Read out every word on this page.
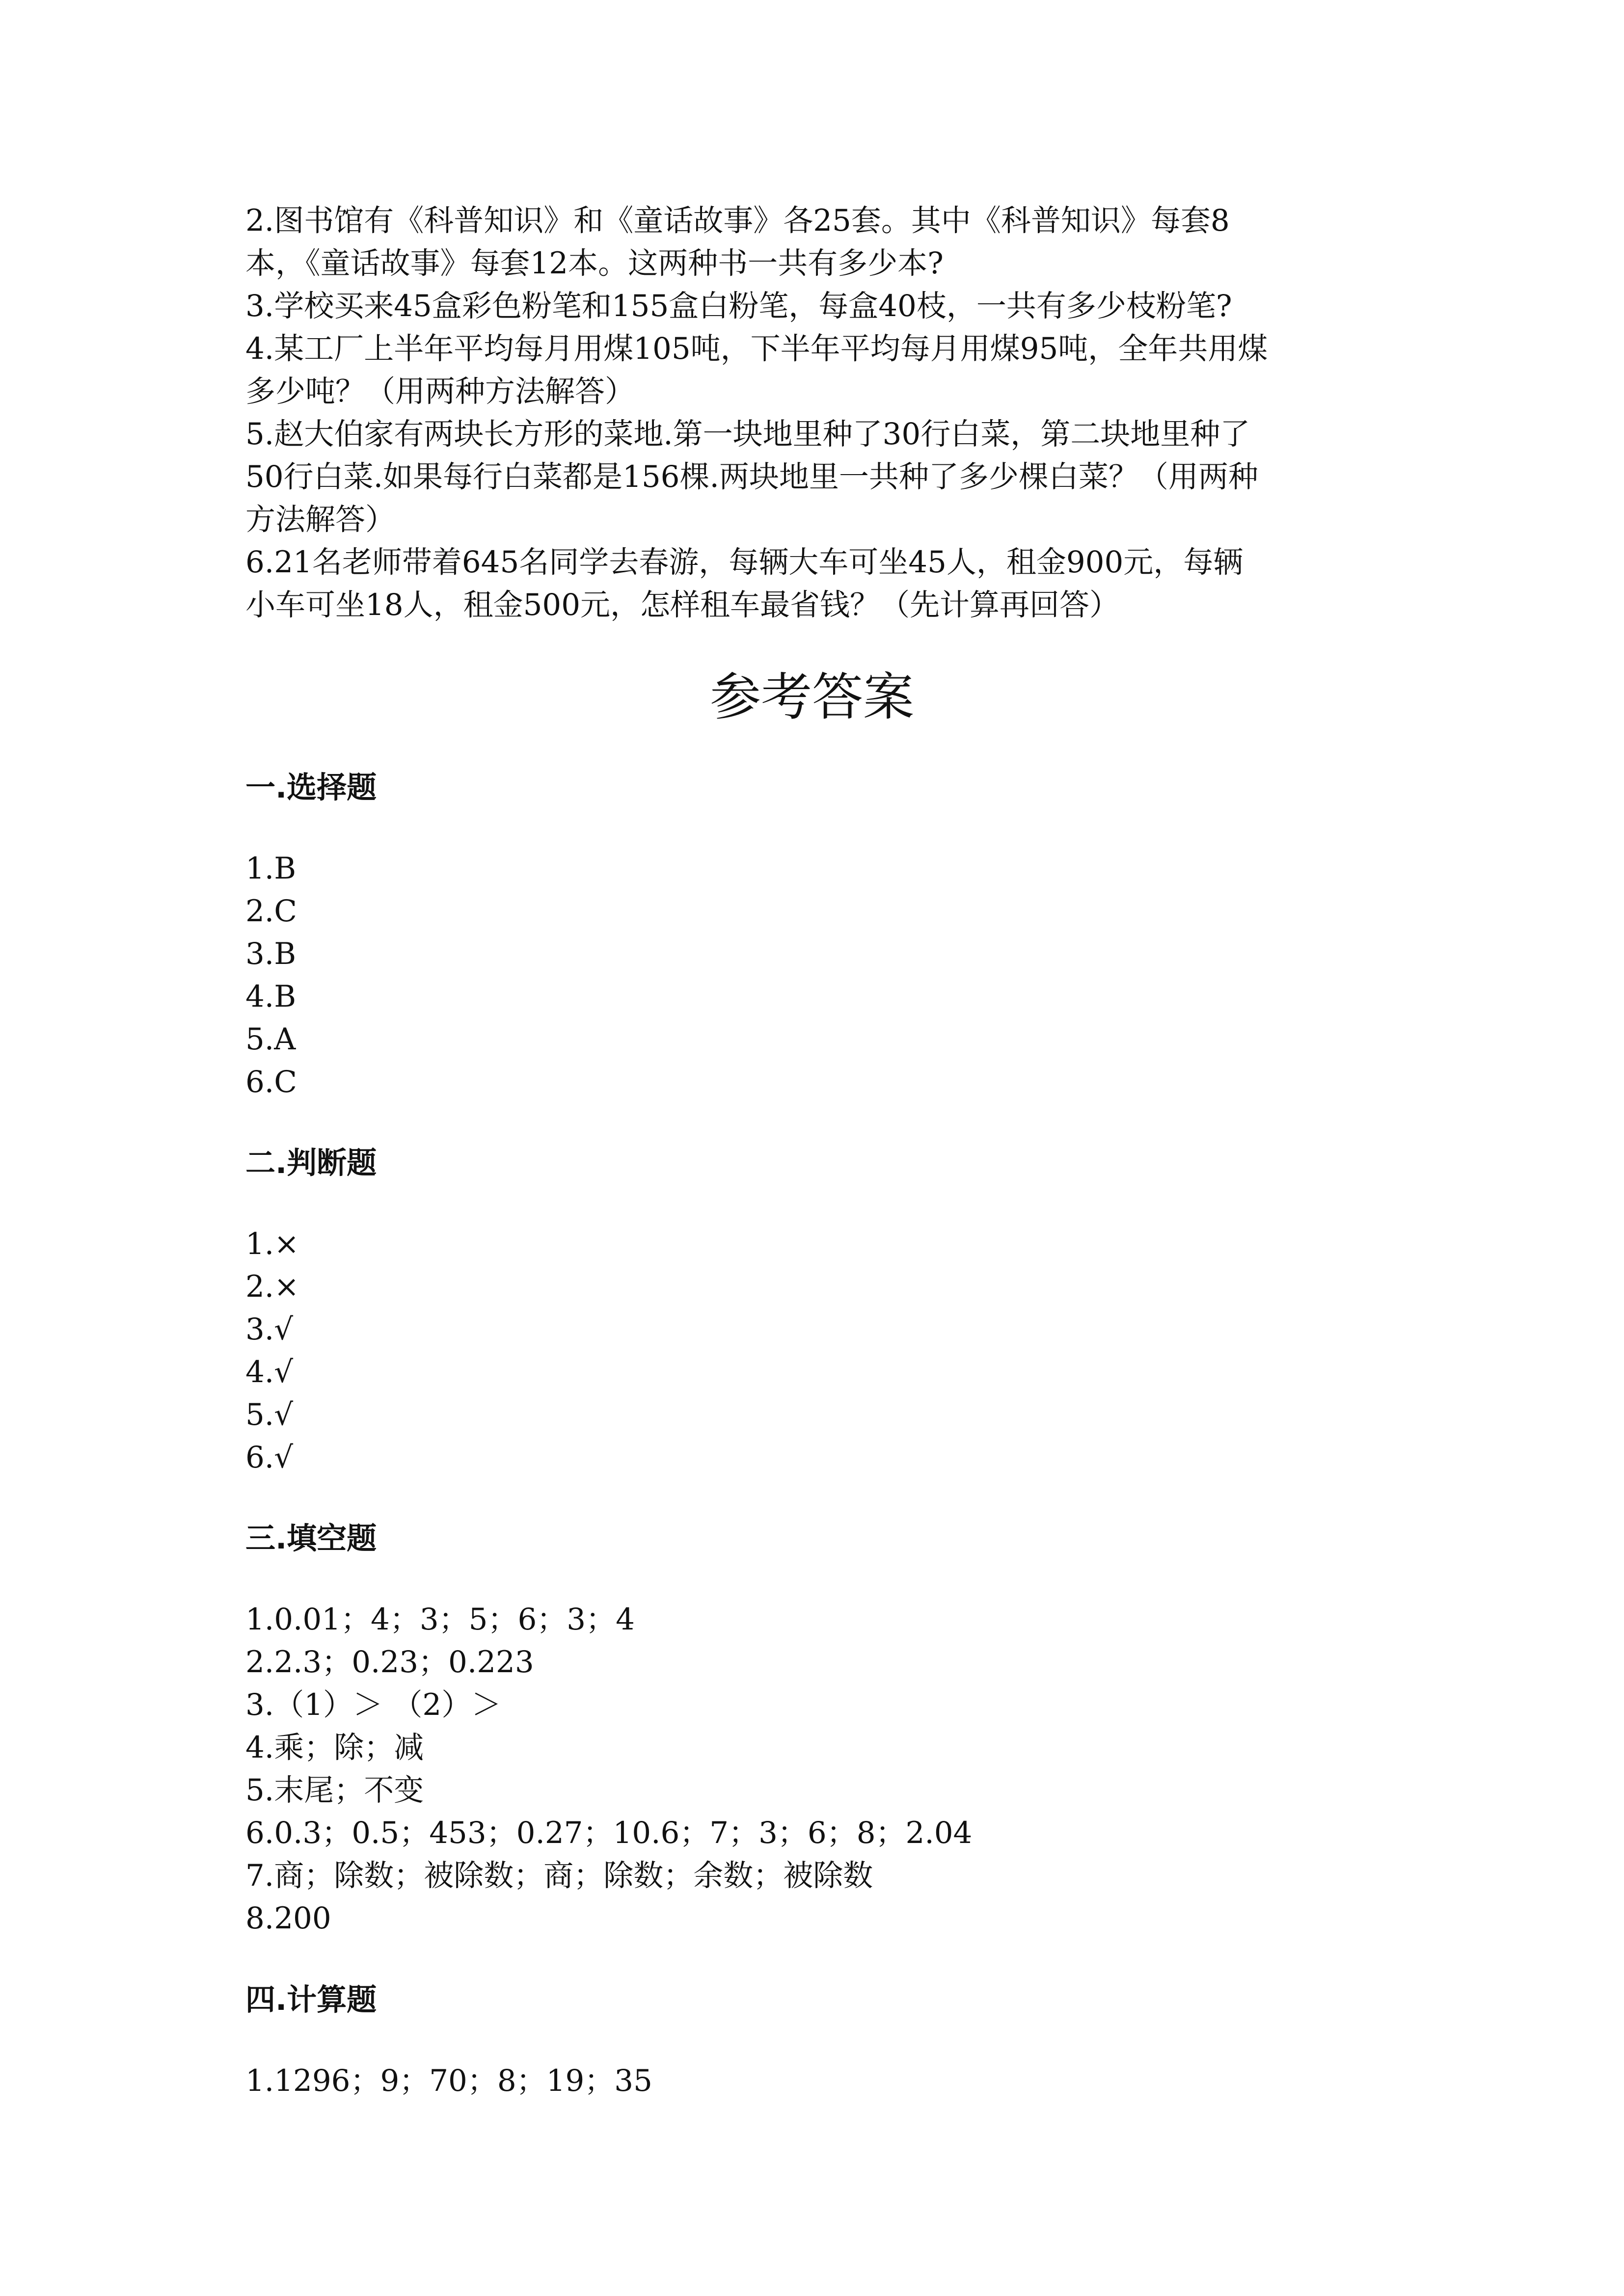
2.图书馆有《科普知识》和《童话故事》各25套。其中《科普知识》每套8

本，《童话故事》每套12本。这两种书一共有多少本?

3.学校买来45盒彩色粉笔和155盒白粉笔，每盒40枝，一共有多少枝粉笔?

4.某工厂上半年平均每月用煤105吨，下半年平均每月用煤95吨，全年共用煤

多少吨？（用两种方法解答）

5.赵大伯家有两块长方形的菜地.第一块地里种了30行白菜，第二块地里种了

50行白菜.如果每行白菜都是156棵.两块地里一共种了多少棵白菜？（用两种

方法解答）

6.21名老师带着645名同学去春游，每辆大车可坐45人，租金900元，每辆

小车可坐18人，租金500元，怎样租车最省钱？（先计算再回答）

参考答案
一.选择题

1.B

2.C

3.B

4.B

5.A

6.C

二.判断题

1.×

2.×

3.√

4.√

5.√

6.√

三.填空题

1.0.01；4；3；5；6；3；4

2.2.3；0.23；0.223

3.（1）＞ （2）＞

4.乘；除；减

5.末尾；不变

6.0.3；0.5；453；0.27；10.6；7；3；6；8；2.04

7.商；除数；被除数；商；除数；余数；被除数

8.200

四.计算题

1.1296；9；70；8；19；35
